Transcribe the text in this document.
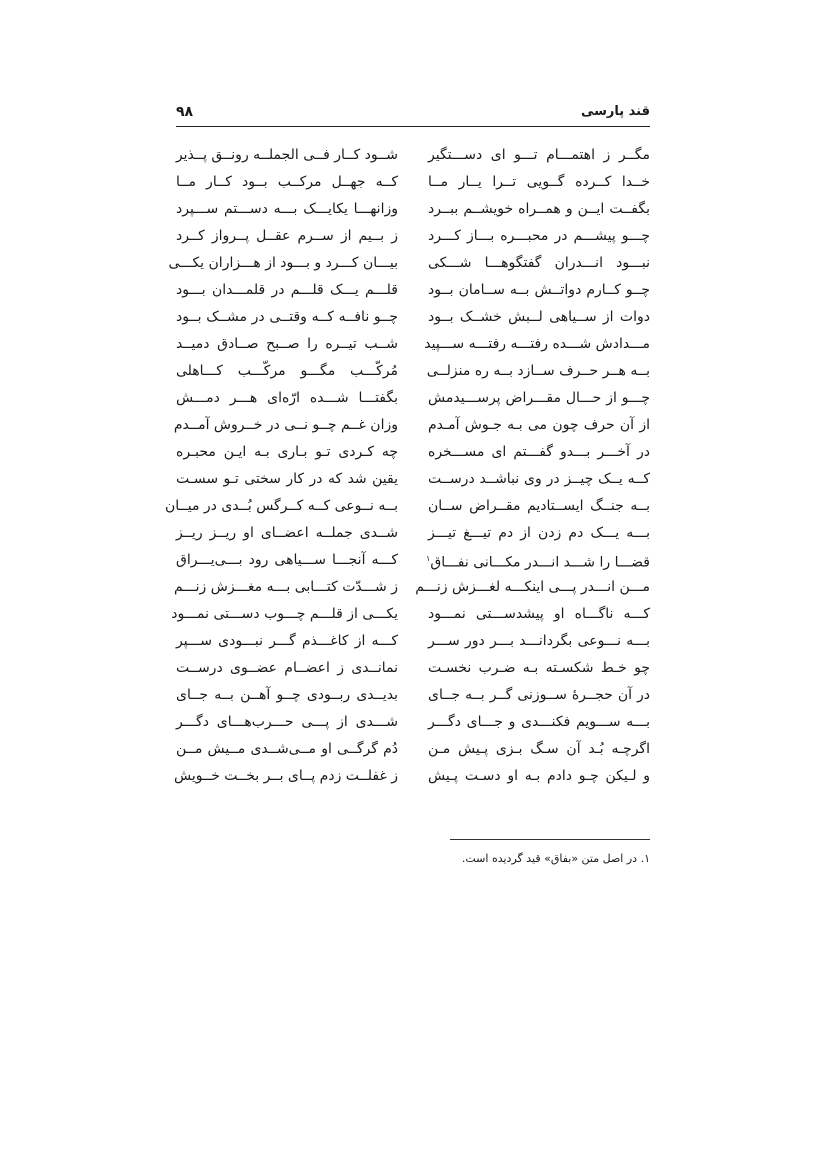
قند پارسی
۹۸
مگــر ز اهتمـــام تـــو ای دســـتگیر
شــود کــار فــی الجملــه رونــق پــذیر
خــدا کــرده گــویی تــرا یــار مــا
کــه جهــل مرکــب بــود کــار مــا
بگفــت ایــن و همــراه خویشــم ببــرد
وزانهـــا یکایـــک بـــه دســـتم ســـپرد
چـــو پیشـــم در محبـــره بـــاز کـــرد
ز بــیم از ســرم عقــل پــرواز کــرد
نبـــود انـــدران گفتگوهـــا شـــکی
بیـــان کـــرد و بـــود از هـــزاران یکـــی
چــو کــارم دواتــش بــه ســامان بــود
قلـــم یـــک قلـــم در قلمـــدان بـــود
دوات از ســیاهی لــبش خشــک بــود
چــو نافــه کــه وقتــی در مشــک بــود
مـــدادش شـــده رفتـــه رفتـــه ســـپید
شــب تیــره را صــبح صــادق دمیــد
بــه هــر حــرف ســازد بــه ره منزلــی
مُرکّـــب مگـــو مرکّـــب کـــاهلی
چـــو از حـــال مقـــراض پرســـیدمش
بگفتـــا شـــده ارّه‌ای هـــر دمـــش
از آن حرف چون می بـه جـوش آمـدم
وزان غــم چــو نــی در خــروش آمــدم
در آخـــر بـــدو گفـــتم ای مســـخره
چه کـردی تـو بـاری بـه ایـن محبـره
کــه یــک چیــز در وی نباشــد درســت
یقین شد که در کار سختی تـو سسـت
بــه جنــگ ایســتادیم مقــراض ســان
بــه نــوعی کــه کــرگس بُــدی در میــان
بـــه یـــک دم زدن از دم تیـــغ تیـــز
شــدی جملــه اعضــای او ریــز ریــز
قضـــا را شـــد انـــدر مکـــانی نفـــاق$^۱$
کـــه آنجـــا ســـیاهی رود بـــی‌یـــراق
مـــن انـــدر پـــی اینکـــه لغـــزش زنـــم
ز شـــدّت کتـــابی بـــه مغـــزش زنـــم
کـــه ناگـــاه او پیشدســـتی نمـــود
یکـــی از قلـــم چـــوب دســـتی نمـــود
بـــه نـــوعی بگردانـــد بـــر دور ســـر
کـــه از کاغـــذم گـــر نبـــودی ســـپر
چو خـط شکسـته بـه ضـرب نخسـت
نمانــدی ز اعضــام عضــوی درســت
در آن حجــرۀ ســوزنی گــر بــه جــای
بدیــدی ربــودی چــو آهــن بــه جــای
بـــه ســـویم فکنـــدی و جـــای دگـــر
شـــدی از پـــی حـــرب‌هـــای دگـــر
اگرچـه بُـد آن سـگ بـزی پـیش مـن
دُم گرگــی او مــی‌شــدی مــیش مــن
و لـیکن چـو دادم بـه او دسـت پـیش
ز غفلــت زدم پــای بــر بخــت خــویش
۱. در اصل متن «بفاق» قید گردیده است.
